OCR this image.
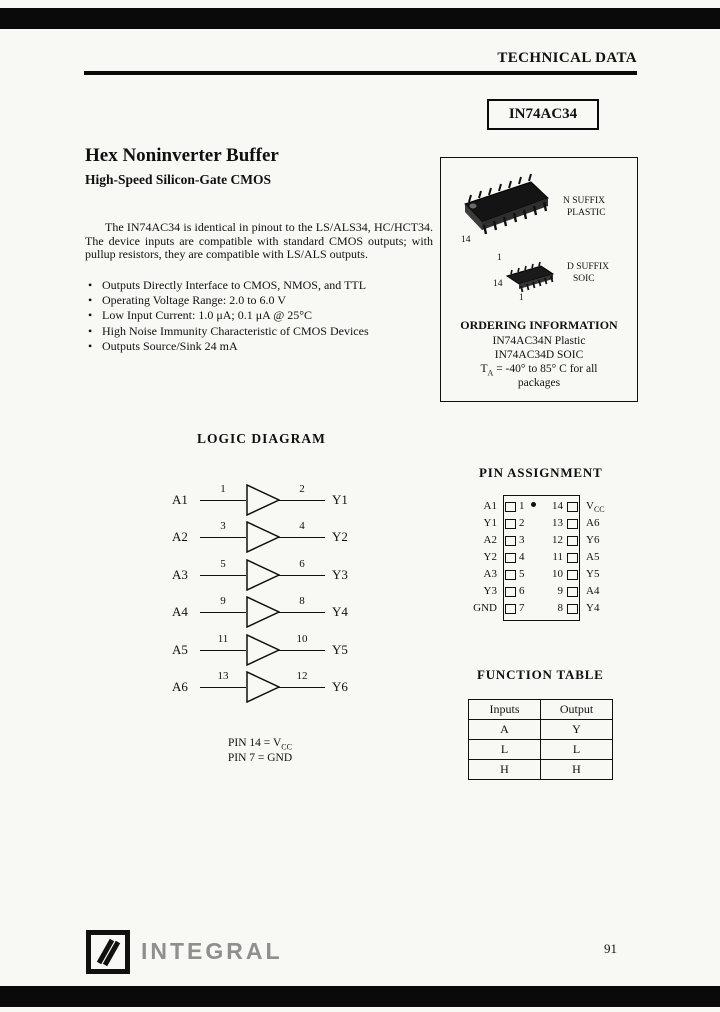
TECHNICAL DATA
IN74AC34
Hex Noninverter Buffer
High-Speed Silicon-Gate CMOS
The IN74AC34 is identical in pinout to the LS/ALS34, HC/HCT34. The device inputs are compatible with standard CMOS outputs; with pullup resistors, they are compatible with LS/ALS outputs.
• Outputs Directly Interface to CMOS, NMOS, and TTL
• Operating Voltage Range: 2.0 to 6.0 V
• Low Input Current: 1.0 μA; 0.1 μA @ 25°C
• High Noise Immunity Characteristic of CMOS Devices
• Outputs Source/Sink 24 mA
N SUFFIX
PLASTIC
14
1
D SUFFIX
SOIC
14
1
ORDERING INFORMATION
IN74AC34N Plastic
IN74AC34D SOIC
$T_A = -40^\circ$ to 85° C for all
packages
LOGIC DIAGRAM
A1
1	2
Y1
A2
3	4
Y2
A3
5	6
Y3
A4
9	8
Y4
A5
11	10
Y5
A6
13	12
Y6
PIN $14 = V_{CC}$
PIN 7 = GND
PIN ASSIGNMENT
A1 1	14 $V_{CC}$
Y1 2	13 A6
A2 3	12 Y6
Y2 4	11 A5
A3 5	10 Y5
Y3 6	9 A4
GND 7	8 Y4
FUNCTION TABLE
Inputs	Output
A	Y
L	L
H	H
INTEGRAL	91
